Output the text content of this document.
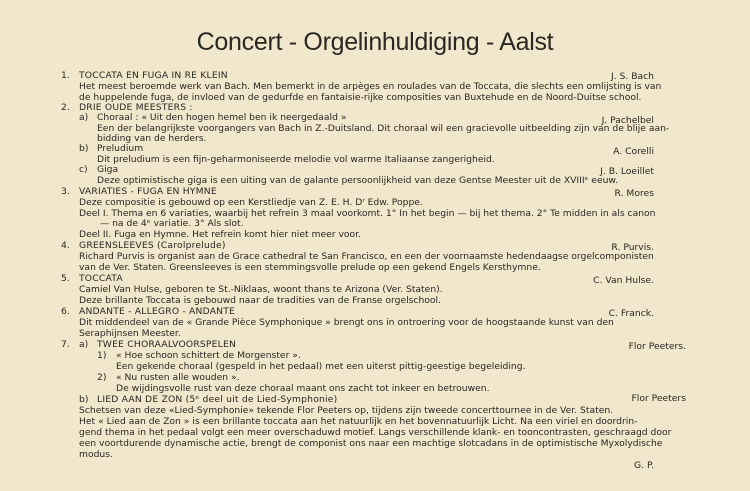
Concert - Orgelinhuldiging - Aalst
1. TOCCATA EN FUGA IN RE KLEIN	J. S. Bach
Het meest beroemde werk van Bach. Men bemerkt in de arpèges en roulades van de Toccata, die slechts een omlijsting is van
de huppelende fuga, de invloed van de gedurfde en fantaisie-rijke composities van Buxtehude en de Noord-Duitse school.
2. DRIE OUDE MEESTERS :
a) Choraal : « Uit den hogen hemel ben ik neergedaald »	J. Pachelbel
Een der belangrijkste voorgangers van Bach in Z.-Duitsland. Dit choraal wil een gracievolle uitbeelding zijn van de blije aan-
bidding van de herders.
b) Preludium	A. Corelli
Dit preludium is een fijn-geharmoniseerde melodie vol warme Italiaanse zangerigheid.
c) Giga	J. B. Loeillet
Deze optimistische giga is een uiting van de galante persoonlijkheid van deze Gentse Meester uit de XVIIIᵉ eeuw.
3. VARIATIES - FUGA EN HYMNE	R. Mores
Deze compositie is gebouwd op een Kerstliedje van Z. E. H. Dʳ Edw. Poppe.
Deel I. Thema en 6 variaties, waarbij het refrein 3 maal voorkomt. 1° In het begin — bij het thema. 2° Te midden in als canon
— na de 4ᵉ variatie. 3° Als slot.
Deel II. Fuga en Hymne. Het refrein komt hier niet meer voor.
4. GREENSLEEVES (Carolprelude)	R. Purvis.
Richard Purvis is organist aan de Grace cathedral te San Francisco, en een der voornaamste hedendaagse orgelcomponisten
van de Ver. Staten. Greensleeves is een stemmingsvolle prelude op een gekend Engels Kersthymne.
5. TOCCATA	C. Van Hulse.
Camiel Van Hulse, geboren te St.-Niklaas, woont thans te Arizona (Ver. Staten).
Deze brillante Toccata is gebouwd naar de tradities van de Franse orgelschool.
6. ANDANTE - ALLEGRO - ANDANTE	C. Franck.
Dit middendeel van de « Grande Pièce Symphonique » brengt ons in ontroering voor de hoogstaande kunst van den
Seraphijnsen Meester.
7. a) TWEE CHORAALVOORSPELEN	Flor Peeters.
1) « Hoe schoon schittert de Morgenster ».
Een gekende choraal (gespeld in het pedaal) met een uiterst pittig-geestige begeleiding.
2) « Nu rusten alle wouden ».
De wijdingsvolle rust van deze choraal maant ons zacht tot inkeer en betrouwen.
b) LIED AAN DE ZON (5ᵉ deel uit de Lied-Symphonie)	Flor Peeters
Schetsen van deze «Lied-Symphonie» tekende Flor Peeters op, tijdens zijn tweede concerttournee in de Ver. Staten.
Het « Lied aan de Zon » is een brillante toccata aan het natuurlijk en het bovennatuurlijk Licht. Na een viriel en doordrin-
gend thema in het pedaal volgt een meer overschaduwd motief. Langs verschillende klank- en tooncontrasten, geschraagd door
een voortdurende dynamische actie, brengt de componist ons naar een machtige slotcadans in de optimistische Myxolydische
modus.
G. P.
